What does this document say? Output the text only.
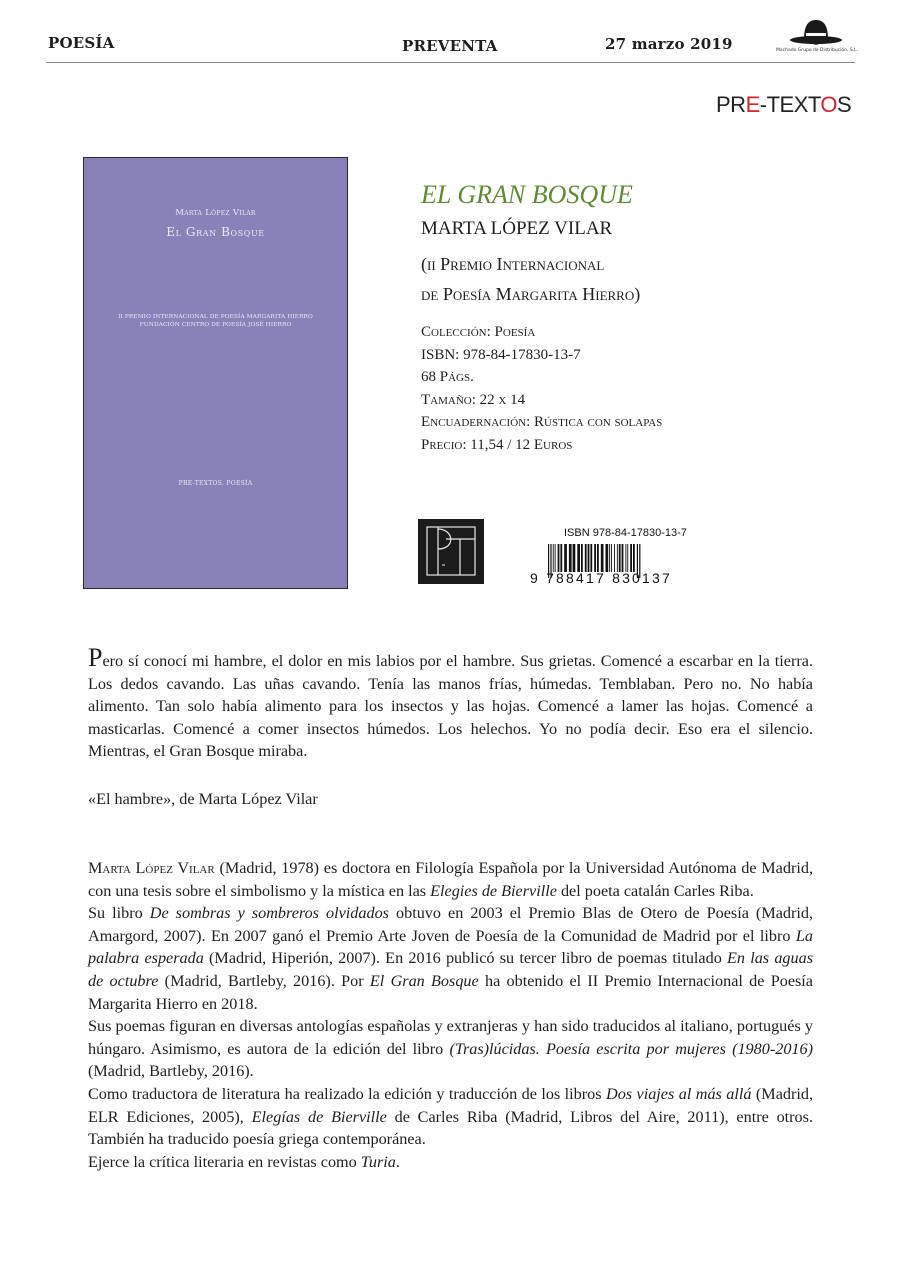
POESÍA	PREVENTA	27 marzo 2019	Machado Grupo de Distribución, S.L.
PRE-TEXTOS
Marta López Vilar
El Gran Bosque
II PREMIO INTERNACIONAL DE POESÍA MARGARITA HIERRO
FUNDACIÓN CENTRO DE POESÍA JOSÉ HIERRO
PRE-TEXTOS. POESÍA
EL GRAN BOSQUE
MARTA LÓPEZ VILAR
(ii Premio Internacional
de Poesía Margarita Hierro)
Colección: Poesía
ISBN: 978-84-17830-13-7
68 Págs.
Tamaño: 22 x 14
Encuadernación: Rústica con solapas
Precio: 11,54 / 12 Euros
ISBN 978-84-17830-13-7
9 788417 830137
Pero sí conocí mi hambre, el dolor en mis labios por el hambre. Sus grietas. Comencé a escarbar en la tierra. Los dedos cavando. Las uñas cavando. Tenía las manos frías, húmedas. Temblaban. Pero no. No había alimento. Tan solo había alimento para los insectos y las hojas. Comencé a lamer las hojas. Comencé a masticarlas. Comencé a comer insectos húmedos. Los helechos. Yo no podía decir. Eso era el silencio. Mientras, el Gran Bosque miraba.
«El hambre», de Marta López Vilar

Marta López Vilar (Madrid, 1978) es doctora en Filología Española por la Universidad Autónoma de Madrid, con una tesis sobre el simbolismo y la mística en las Elegies de Bierville del poeta catalán Carles Riba.

Su libro De sombras y sombreros olvidados obtuvo en 2003 el Premio Blas de Otero de Poesía (Madrid, Amargord, 2007). En 2007 ganó el Premio Arte Joven de Poesía de la Comunidad de Madrid por el libro La palabra esperada (Madrid, Hiperión, 2007). En 2016 publicó su tercer libro de poemas titulado En las aguas de octubre (Madrid, Bartleby, 2016). Por El Gran Bosque ha obtenido el II Premio Internacional de Poesía Margarita Hierro en 2018.

Sus poemas figuran en diversas antologías españolas y extranjeras y han sido traducidos al italiano, portugués y húngaro. Asimismo, es autora de la edición del libro (Tras)lúcidas. Poesía escrita por mujeres (1980-2016) (Madrid, Bartleby, 2016).

Como traductora de literatura ha realizado la edición y traducción de los libros Dos viajes al más allá (Madrid, ELR Ediciones, 2005), Elegías de Bierville de Carles Riba (Madrid, Libros del Aire, 2011), entre otros. También ha traducido poesía griega contemporánea.

Ejerce la crítica literaria en revistas como Turia.
